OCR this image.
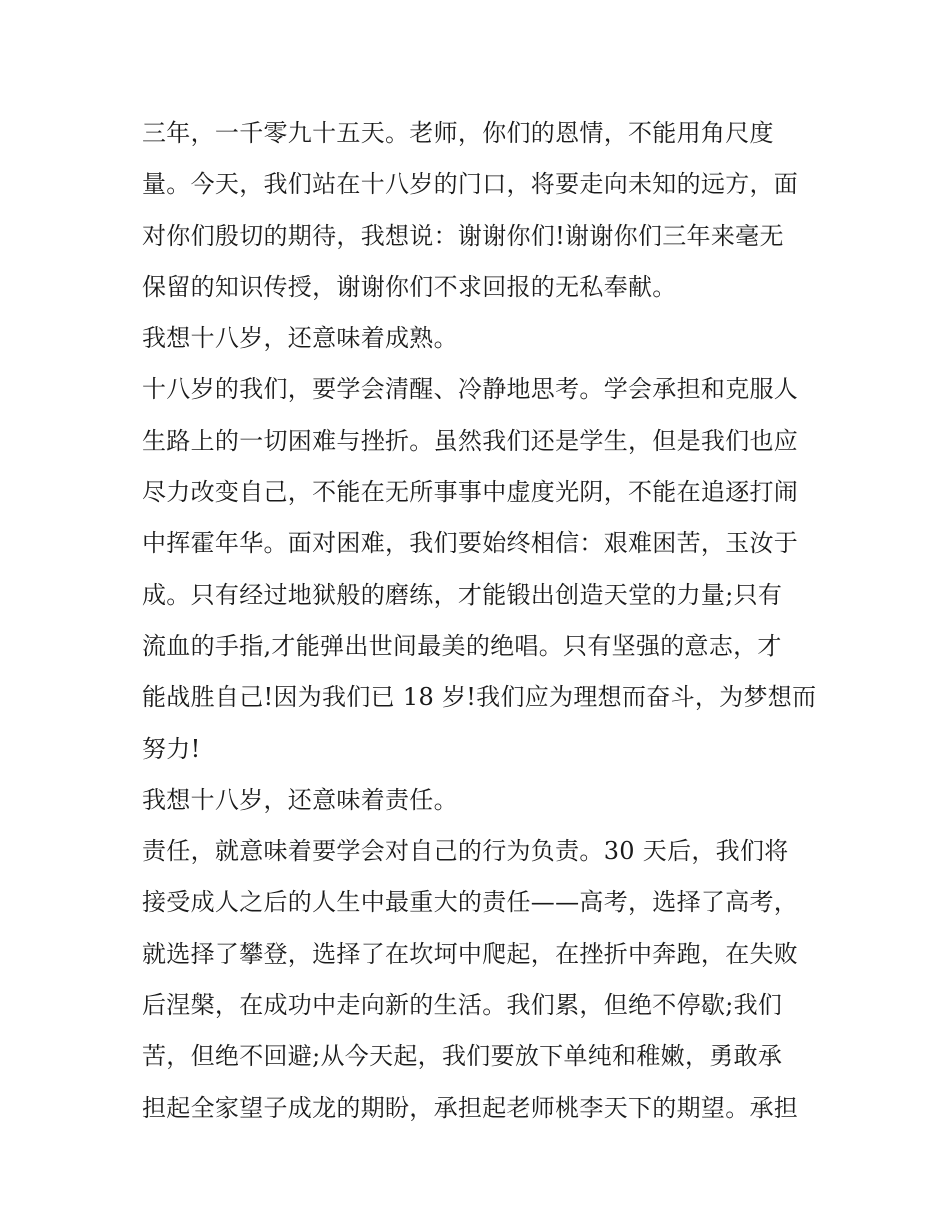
三年，一千零九十五天。老师，你们的恩情，不能用角尺度
量。今天，我们站在十八岁的门口，将要走向未知的远方，面
对你们殷切的期待，我想说：谢谢你们!谢谢你们三年来毫无
保留的知识传授，谢谢你们不求回报的无私奉献。
我想十八岁，还意味着成熟。
十八岁的我们，要学会清醒、冷静地思考。学会承担和克服人
生路上的一切困难与挫折。虽然我们还是学生，但是我们也应
尽力改变自己，不能在无所事事中虚度光阴，不能在追逐打闹
中挥霍年华。面对困难，我们要始终相信：艰难困苦，玉汝于
成。只有经过地狱般的磨练，才能锻出创造天堂的力量;只有
流血的手指,才能弹出世间最美的绝唱。只有坚强的意志，才
能战胜自己!因为我们已 18 岁!我们应为理想而奋斗，为梦想而
努力!
我想十八岁，还意味着责任。
责任，就意味着要学会对自己的行为负责。30 天后，我们将
接受成人之后的人生中最重大的责任——高考，选择了高考，
就选择了攀登，选择了在坎坷中爬起，在挫折中奔跑，在失败
后涅槃，在成功中走向新的生活。我们累，但绝不停歇;我们
苦，但绝不回避;从今天起，我们要放下单纯和稚嫩，勇敢承
担起全家望子成龙的期盼，承担起老师桃李天下的期望。承担
